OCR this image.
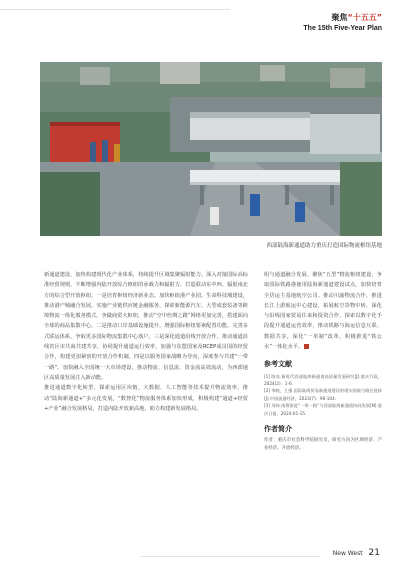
聚焦“十五五”
The 15th Five-Year Plan
西部陆海新通道助力重庆打造国际物流枢纽基地

新通道建设，加快构建现代化产业体系，持续提升区域集聚辐射能力。深入对接国际高标准经贸规则，不断增强内陆开放综合枢纽的承载力和辐射力，打造联动东中西、辐射南北方的综合型开放枢纽。一是培育枢纽经济新业态。加快枢纽港产业园、生命科技城建设，推动港产城融合发展。实施产业链供应链金融服务，探索新能源汽车、大型成套装备等跨境物流一体化服务模式。争做商贸大枢纽，推动“空中丝绸之路”网络更加完善，搭建面向全球的商品集散中心。二是推动口岸基础设施提升，增强国际枢纽要素配置功能。完善多式联运体系，争取更多国际物流集散中心落户。三是深化通道沿线开放合作。推动通道沿线省区市共商共建共享，协同提升通道运行效率，加强与东盟国家及RCEP成员国的经贸合作，构建更加紧密的开放合作机制。四是以服务国家战略为导向，深度参与共建“一带一路”。加快融入全国统一大市场建设，推动物流、信息流、资金流高效流动，为西部地区高质量发展注入新动能。

推进通道数字化转型，探索运用区块链、大数据、人工智能等技术提升物流效率，推动“陆海新通道+”多元化发展，“数智化”物流服务体系加快形成，积极构建“通道+经贸+产业”融合发展格局，打造内陆开放新高地，助力构建新发展格局。

组与通道融合发展。聚焦“五型”物流枢纽建设，争取国际铁路港使用陆海新通道建设试点，加快培育全货运主基地航空公司。推动川渝物流合作，推进长江上游航运中心建设，拓展航空货物中转，深化与沿线国家贸易往来和投资合作，探索以数字化手段提升通道运营效率，推动铁路与海运信息互联、数据共享，深化“一单制”改革，积极推进“铁公水”一体化水平。

参考文献
[1] 陈亮.新时代西部陆海新通道高质量发展研究[J].重庆行政，2024(2)：1-6.
[2] 李晓，王强.国际陆海贸易新通道建设的现实困境与路径选择[J].中国流通经济，2023(7)：96-104.
[3] 刘伟.统筹推进“一带一路”与西部陆海新通道协同发展[N].重庆日报，2024-01-15.
作者简介
作者：重庆市社会科学院研究员，研究方向为区域经济、产业经济、开放经济。
New West 21
